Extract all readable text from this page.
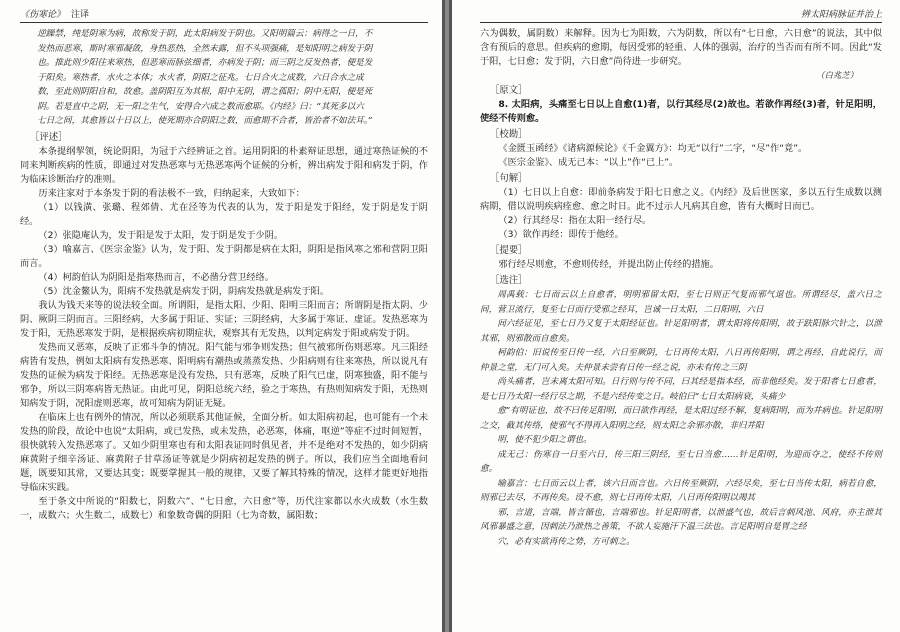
《伤寒论》 注译

逆躁禁，纯是阴寒为病，故称发于阴，此太阳病发于阴也。又阳明篇云：病得之一日，不

发热而恶寒，斯时寒邪凝敛，身热恶热，全然未露，但不头项强痛，是知阳明之病发于阴

也。推此则少阳往来寒热，但恶寒而脉弦细者，亦病发于阴；而三阴之反发热者，便是发

于阳矣。寒热者，水火之本体；水火者，阴阳之征兆。七日合火之成数，六日合水之成

数，至此则阴阳自和，故愈。盖阴阳互为其根，阳中无阴，谓之孤阳；阴中无阳，便是死

阴。若是直中之阴，无一阳之生气，安得合六成之数而愈耶。《内经》曰：“其死多以六

七日之间，其愈皆以十日以上，使死期亦合阴阳之数，而愈期不合者，皆治者不如法耳。”

［ 评述 ］

本条提纲挈领，统论阴阳，为冠于六经辨证之首。运用阴阳的朴素辩证思想，通过寒热证候的不同来判断疾病的性质，即通过对发热恶寒与无热恶寒两个证候的分析，辨出病发于阳和病发于阴，作为临床诊断治疗的准则。

历来注家对于本条发于阴的看法极不一致，归纳起来，大致如下：

（1）以钱潢、张璐、程郊倩、尤在泾等为代表的认为，发于阳是发于阳经，发于阴是发于阴经。

（2）张隐庵认为，发于阳是发于太阳，发于阴是发于少阴。

（3）喻嘉言、《医宗金鉴》认为，发于阳、发于阴都是病在太阳，阴阳是指风寒之邪和营阴卫阳而言。

（4）柯韵伯认为阴阳是指寒热而言，不必凿分营卫经络。

（5）沈金鳌认为，阳病不发热就是病发于阴，阴病发热就是病发于阳。

我认为钱天来等的说法较全面。所谓阳，是指太阳、少阳、阳明三阳而言；所谓阴是指太阴、少阴、厥阴三阴而言。三阳经病，大多属于阳证、实证；三阴经病，大多属于寒证、虚证。发热恶寒为发于阳，无热恶寒发于阴，是根据疾病初期症状，观察其有无发热，以判定病发于阳或病发于阴。

发热而又恶寒，反映了正邪斗争的情况。阳气能与邪争则发热；但气被邪所伤则恶寒。凡三阳经病皆有发热，例如太阳病有发热恶寒、阳明病有潮热或蒸蒸发热、少阳病则有往来寒热，所以说凡有发热的证候为病发于阳经。无热恶寒是没有发热，只有恶寒，反映了阳气已虚，阴寒独盛，阳不能与邪争，所以三阴寒病皆无热证。由此可见，阴阳总统六经，验之于寒热，有热则知病发于阳，无热则知病发于阴，况阳虚则恶寒，故可知病为阴证无疑。

在临床上也有例外的情况，所以必须联系其他证候，全面分析。如太阳病初起，也可能有一个未发热的阶段，故论中也说“太阳病，或已发热，或未发热，必恶寒，体痛，呕逆”等症不过时间短暂，很快就转入发热恶寒了。又如少阴里寒也有和太阳表证同时俱见者，并不是绝对不发热的，如少阴病麻黄附子细辛汤证、麻黄附子甘草汤证等就是少阴病初起发热的例子。所以，我们应当全面地看问题，既要知其常，又要达其变；既要掌握其一般的规律，又要了解其特殊的情况，这样才能更好地指导临床实践。

至于条文中所说的“阳数七，阴数六”、“七日愈，六日愈”等，历代注家都以水火成数（水生数一，成数六；火生数二，成数七）和象数奇偶的阴阳（七为奇数，属阳数；

辨太阳病脉证并治上

六为偶数，属阴数）来解释。因为七为阳数，六为阴数，所以有“七日愈，六日愈”的说法，其中似含有预后的意思。但疾病的愈期，每因受邪的轻重、人体的强弱，治疗的当否而有所不同。因此“发于阳，七日愈；发于阴，六日愈”尚待进一步研究。

（白兆芝）

［ 原文 ］

8. 太阳病，头痛至七日以上自愈(1)者，以行其经尽(2)故也。若欲作再经(3)者，针足阳明，使经不传则愈。

［ 校勘 ］

《金匮玉函经》《诸病源候论》《千金翼方》：均无“以行”二字，“尽”作“竟”。

《医宗金鉴》、成无己本：“以上”作“已上”。

［ 句解 ］

（1）七日以上自愈：即前条病发于阳七日愈之义。《内经》及后世医家，多以五行生成数以测病期，借以说明疾病痊愈、愈之时日。此不过示人凡病其自愈，皆有大概时日而已。

（2）行其经尽：指在太阳一经行尽。

（3）欲作再经：即传于他经。

［ 提要 ］

邪行经尽则愈，不愈则传经，并提出防止传经的措施。

［ 选注 ］

周禹载：七日而云以上自愈者，明明邪留太阳，至七日则正气复而邪气退也。所谓经尽，盖六日之间，营卫流行，复至七日而行受邪之经耳，岂诚一日太阳，二日阳明，六日

间六经证见，至七日乃又复于太阳经证也。针足阳明者，谓太阳将传阳明，故于趺阳脉穴针之，以泄其邪，则邪散而自愈矣。

柯韵伯：旧说传至日传一经，六日至厥阴，七日再传太阳，八日再传阳明，谓之再经，自此说行，而仲景之堂，无门可入矣。夫仲景未尝有日传一经之说，亦未有传之三阴

尚头痛者，岂未离太阳可知。日行则与传不同，曰其经是指本经，而非他经矣。发于阳者七日愈者，是七日乃太阳一经行尽之期，不是六经传变之日。岐伯曰“七日太阳病衰，头痛少

愈”有明证也，故不曰传足阳明，而曰欲作再经，是太阳过经不解，复病阳明，而为并病也。针足阳明之交，截其传络，使邪气不得再入阳明之经，则太阳之余邪亦散，非归并阳

明，使不犯少阳之谓也。

成无己：伤寒自一日至六日，传三阳三阴经，至七日当愈……针足阳明，为迎而夺之，使经不传则愈。

喻嘉言：七日而云以上者，该六日而言也。六日传至厥阴，六经尽矣，至七日当传太阳，病若自愈，则邪已去尽，不再传矣。设不愈，则七日再传太阳，八日再传阳明以竭其

邪，言道，言端，皆言循也，言端邪也。针足阳明者，以泄盛气也，故后言刺风池、风府，亦主泄其风邪暴盛之意，因刺法乃泄热之善策，不欲人妄施汗下温三法也。言足阳明自是胃之经

穴，必有实欲再传之势，方可刺之。
